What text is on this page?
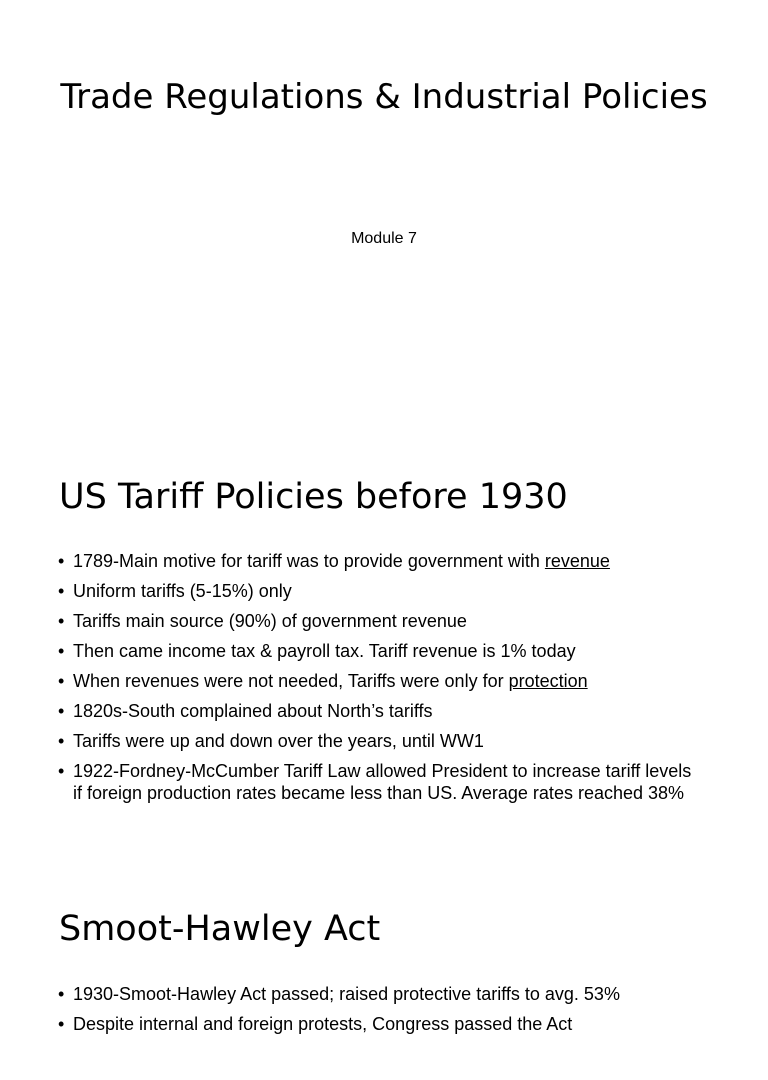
Trade Regulations & Industrial Policies
Module 7
US Tariff Policies before 1930
• 1789-Main motive for tariff was to provide government with revenue
• Uniform tariffs (5-15%) only
• Tariffs main source (90%) of government revenue
• Then came income tax & payroll tax. Tariff revenue is 1% today
• When revenues were not needed, Tariffs were only for protection
• 1820s-South complained about North’s tariffs
• Tariffs were up and down over the years, until WW1
• 1922-Fordney-McCumber Tariff Law allowed President to increase tariff levels if foreign production rates became less than US. Average rates reached 38%
Smoot-Hawley Act
• 1930-Smoot-Hawley Act passed; raised protective tariffs to avg. 53%
• Despite internal and foreign protests, Congress passed the Act
